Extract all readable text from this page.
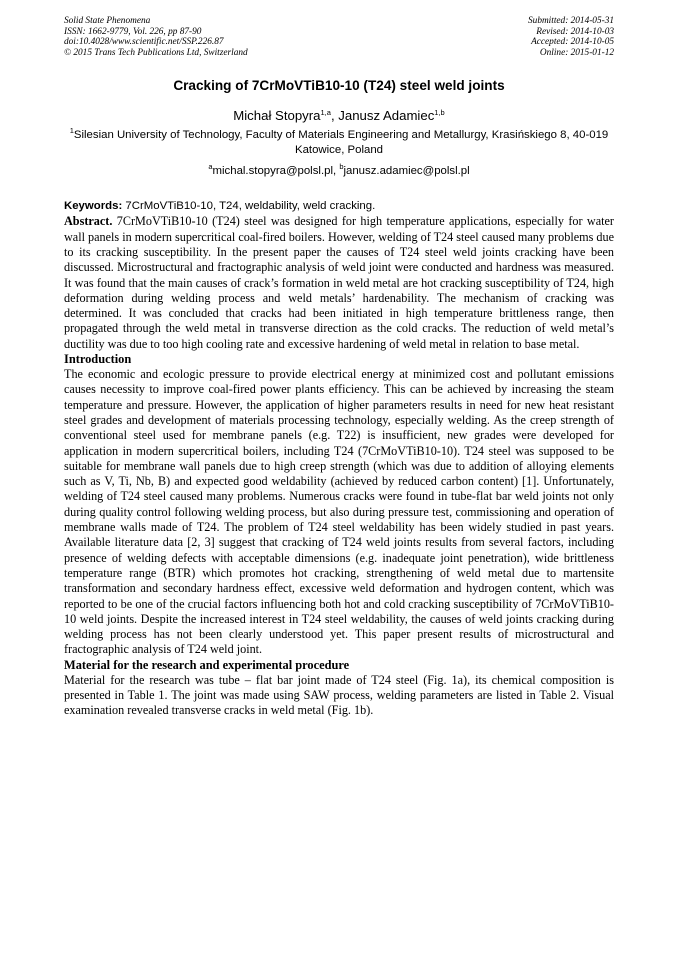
Solid State Phenomena
ISSN: 1662-9779, Vol. 226, pp 87-90
doi:10.4028/www.scientific.net/SSP.226.87
© 2015 Trans Tech Publications Ltd, Switzerland
Submitted: 2014-05-31
Revised: 2014-10-03
Accepted: 2014-10-05
Online: 2015-01-12
Cracking of 7CrMoVTiB10-10 (T24) steel weld joints
Michał Stopyra$^{1,a}$, Janusz Adamiec$^{1,b}$
$^1$Silesian University of Technology, Faculty of Materials Engineering and Metallurgy, Krasińskiego 8, 40-019 Katowice, Poland
$^a$michal.stopyra@polsl.pl, $^b$janusz.adamiec@polsl.pl
Keywords: 7CrMoVTiB10-10, T24, weldability, weld cracking.

Abstract. 7CrMoVTiB10-10 (T24) steel was designed for high temperature applications, especially for water wall panels in modern supercritical coal-fired boilers. However, welding of T24 steel caused many problems due to its cracking susceptibility. In the present paper the causes of T24 steel weld joints cracking have been discussed. Microstructural and fractographic analysis of weld joint were conducted and hardness was measured. It was found that the main causes of crack’s formation in weld metal are hot cracking susceptibility of T24, high deformation during welding process and weld metals’ hardenability. The mechanism of cracking was determined. It was concluded that cracks had been initiated in high temperature brittleness range, then propagated through the weld metal in transverse direction as the cold cracks. The reduction of weld metal’s ductility was due to too high cooling rate and excessive hardening of weld metal in relation to base metal.

Introduction

The economic and ecologic pressure to provide electrical energy at minimized cost and pollutant emissions causes necessity to improve coal-fired power plants efficiency. This can be achieved by increasing the steam temperature and pressure. However, the application of higher parameters results in need for new heat resistant steel grades and development of materials processing technology, especially welding. As the creep strength of conventional steel used for membrane panels (e.g. T22) is insufficient, new grades were developed for application in modern supercritical boilers, including T24 (7CrMoVTiB10-10). T24 steel was supposed to be suitable for membrane wall panels due to high creep strength (which was due to addition of alloying elements such as V, Ti, Nb, B) and expected good weldability (achieved by reduced carbon content) [1]. Unfortunately, welding of T24 steel caused many problems. Numerous cracks were found in tube-flat bar weld joints not only during quality control following welding process, but also during pressure test, commissioning and operation of membrane walls made of T24. The problem of T24 steel weldability has been widely studied in past years. Available literature data [2, 3] suggest that cracking of T24 weld joints results from several factors, including presence of welding defects with acceptable dimensions (e.g. inadequate joint penetration), wide brittleness temperature range (BTR) which promotes hot cracking, strengthening of weld metal due to martensite transformation and secondary hardness effect, excessive weld deformation and hydrogen content, which was reported to be one of the crucial factors influencing both hot and cold cracking susceptibility of 7CrMoVTiB10-10 weld joints. Despite the increased interest in T24 steel weldability, the causes of weld joints cracking during welding process has not been clearly understood yet. This paper present results of microstructural and fractographic analysis of T24 weld joint.

Material for the research and experimental procedure

Material for the research was tube – flat bar joint made of T24 steel (Fig. 1a), its chemical composition is presented in Table 1. The joint was made using SAW process, welding parameters are listed in Table 2. Visual examination revealed transverse cracks in weld metal (Fig. 1b).
